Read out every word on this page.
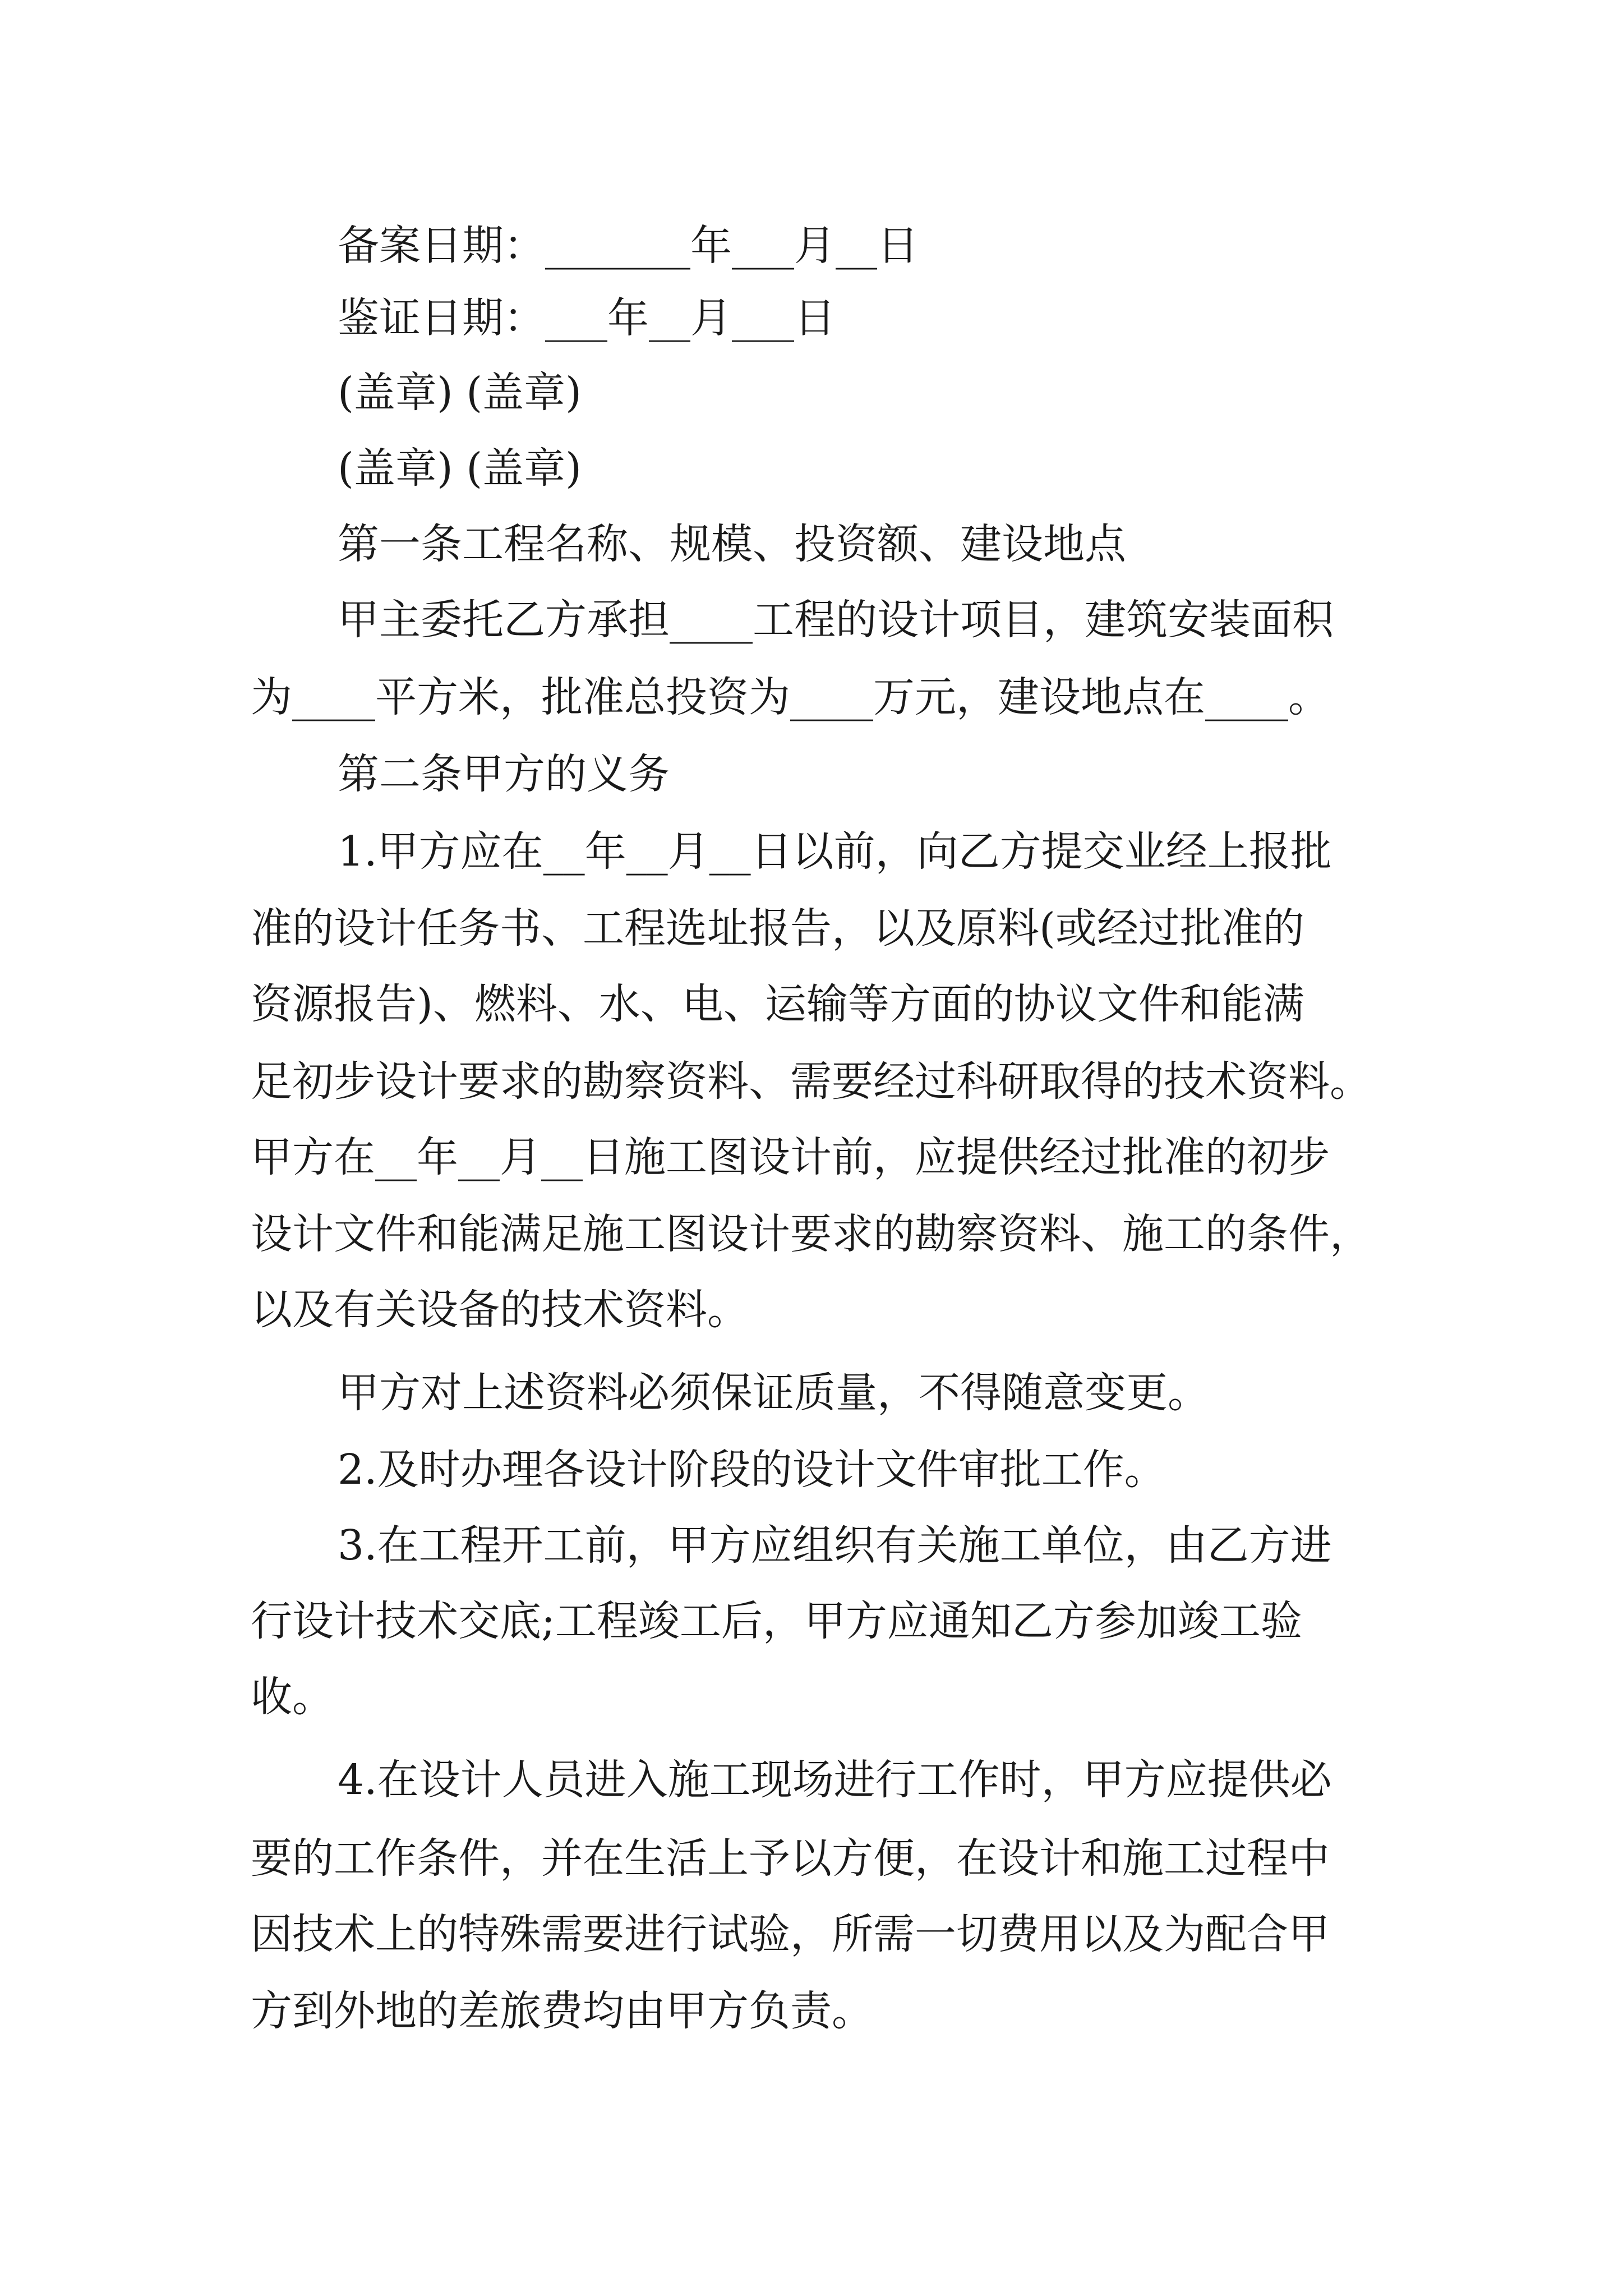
备案日期：_______年___月__日
鉴证日期：___年__月___日
(盖章) (盖章)
(盖章) (盖章)
第一条工程名称、规模、投资额、建设地点
甲主委托乙方承担____工程的设计项目，建筑安装面积
为____平方米，批准总投资为____万元，建设地点在____。
第二条甲方的义务
1.甲方应在__年__月__日以前，向乙方提交业经上报批
准的设计任务书、工程选址报告，以及原料(或经过批准的
资源报告)、燃料、水、电、运输等方面的协议文件和能满
足初步设计要求的勘察资料、需要经过科研取得的技术资料。
甲方在__年__月__日施工图设计前，应提供经过批准的初步
设计文件和能满足施工图设计要求的勘察资料、施工的条件，
以及有关设备的技术资料。
甲方对上述资料必须保证质量，不得随意变更。
2.及时办理各设计阶段的设计文件审批工作。
3.在工程开工前，甲方应组织有关施工单位，由乙方进
行设计技术交底;工程竣工后，甲方应通知乙方参加竣工验
收。
4.在设计人员进入施工现场进行工作时，甲方应提供必
要的工作条件，并在生活上予以方便，在设计和施工过程中
因技术上的特殊需要进行试验，所需一切费用以及为配合甲
方到外地的差旅费均由甲方负责。
